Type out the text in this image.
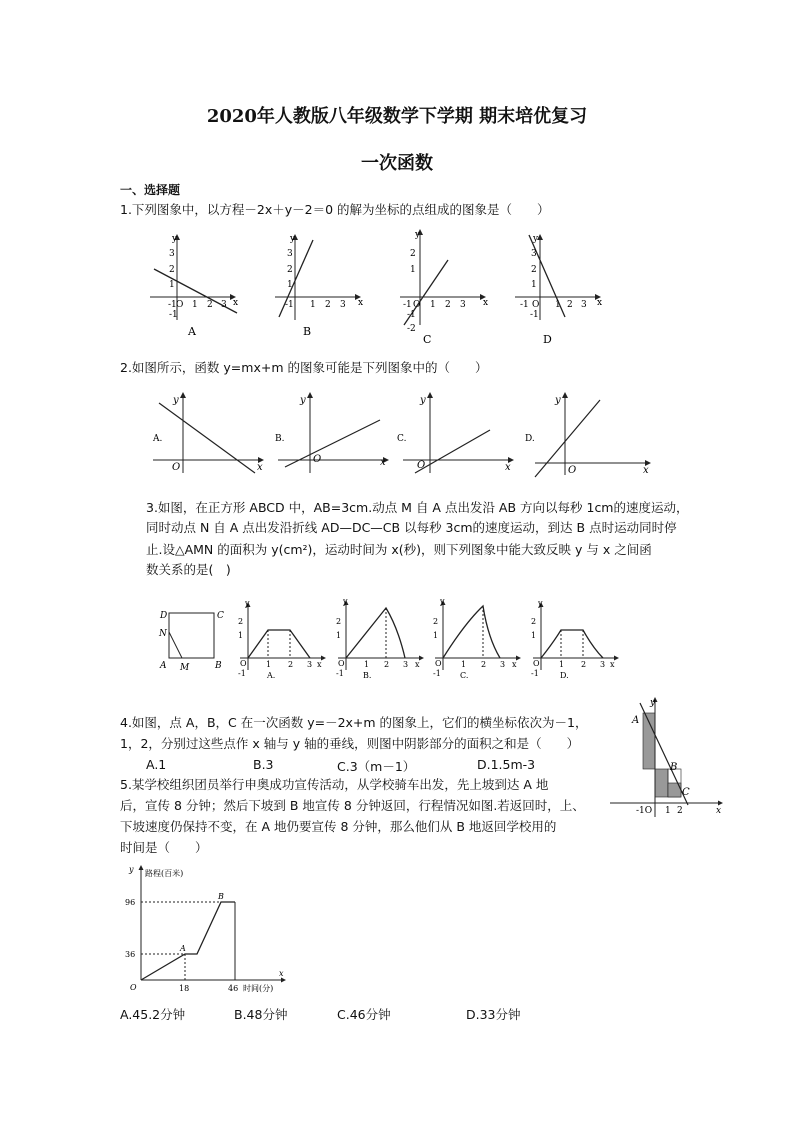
2020年人教版八年级数学下学期 期末培优复习
一次函数
一、选择题
1.下列图象中，以方程－2x＋y－2＝0 的解为坐标的点组成的图象是（　　）
y
x
3
2
1
-1 O 1 2 3
-1
A
y
x
3
2
1
-1 1 2 3
B
y
x
2
1
-1 O 1 2 3
-1
-2
C
y
x
3
2
1
-1 O 1 2 3
-1
D
2.如图所示，函数 y=mx+m 的图象可能是下列图象中的（　　）
y
x
O
A.
y
x
O
B.
y
x
O
C.
y
x
O
D.
3.如图，在正方形 ABCD 中，AB=3cm.动点 M 自 A 点出发沿 AB 方向以每秒 1cm的速度运动，
同时动点 N 自 A 点出发沿折线 AD—DC—CB 以每秒 3cm的速度运动，到达 B 点时运动同时停
止.设△AMN 的面积为 y(cm²)，运动时间为 x(秒)，则下列图象中能大致反映 y 与 x 之间函
数关系的是(　)
D	C
N
A M	B
2
1
O
-1
1 2 3 x
y
A.
2
1
O
-1
1 2 3 x
y
B.
2
1
O
-1
1 2 3 x
y
C.
2
1
O
-1
1 2 3 x
y
D.
4.如图，点 A，B，C 在一次函数 y=－2x+m 的图象上，它们的横坐标依次为－1，
1，2，分别过这些点作 x 轴与 y 轴的垂线，则图中阴影部分的面积之和是（　　）
A.1	B.3	C.3（m－1）	D.1.5m-3
A
B
C
y
x
-1O 1 2
5.某学校组织团员举行申奥成功宣传活动，从学校骑车出发，先上坡到达 A 地
后，宣传 8 分钟；然后下坡到 B 地宣传 8 分钟返回，行程情况如图.若返回时，上、
下坡速度仍保持不变，在 A 地仍要宣传 8 分钟，那么他们从 B 地返回学校用的
时间是（　　）
y 路程(百米)
96
36
18	46 时间(分)
x
O
A
B
A.45.2分钟	B.48分钟	C.46分钟	D.33分钟
